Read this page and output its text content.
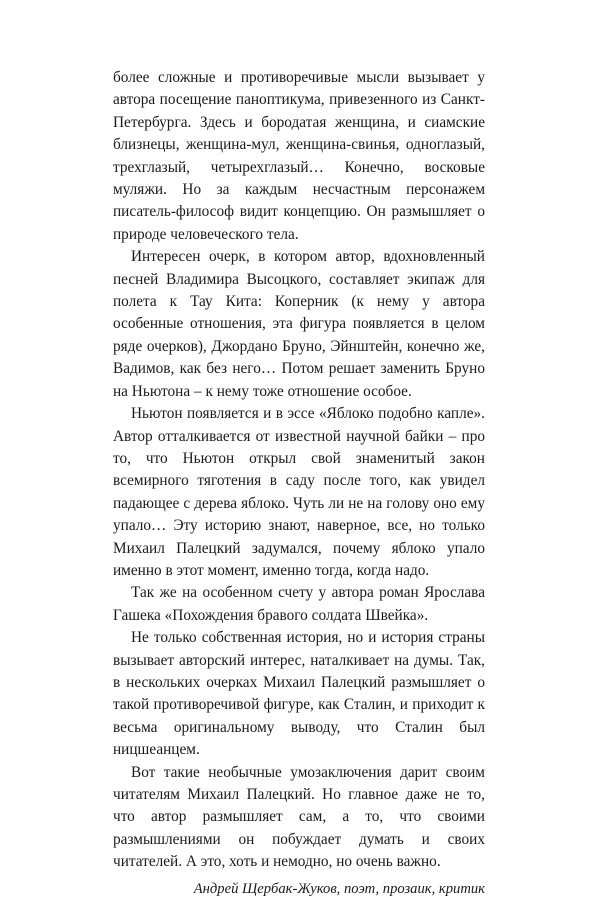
более сложные и противоречивые мысли вызывает у автора посещение паноптикума, привезенного из Санкт-Петербурга. Здесь и бородатая женщина, и сиамские близнецы, женщина-мул, женщина-свинья, одноглазый, трехглазый, четырехглазый… Конечно, восковые муляжи. Но за каждым несчастным персонажем писатель-философ видит концепцию. Он размышляет о природе человеческого тела.

Интересен очерк, в котором автор, вдохновленный песней Владимира Высоцкого, составляет экипаж для полета к Тау Кита: Коперник (к нему у автора особенные отношения, эта фигура появляется в целом ряде очерков), Джордано Бруно, Эйнштейн, конечно же, Вадимов, как без него… Потом решает заменить Бруно на Ньютона – к нему тоже отношение особое.

Ньютон появляется и в эссе «Яблоко подобно капле». Автор отталкивается от известной научной байки – про то, что Ньютон открыл свой знаменитый закон всемирного тяготения в саду после того, как увидел падающее с дерева яблоко. Чуть ли не на голову оно ему упало… Эту историю знают, наверное, все, но только Михаил Палецкий задумался, почему яблоко упало именно в этот момент, именно тогда, когда надо.

Так же на особенном счету у автора роман Ярослава Гашека «Похождения бравого солдата Швейка».

Не только собственная история, но и история страны вызывает авторский интерес, наталкивает на думы. Так, в нескольких очерках Михаил Палецкий размышляет о такой противоречивой фигуре, как Сталин, и приходит к весьма оригинальному выводу, что Сталин был ницшеанцем.

Вот такие необычные умозаключения дарит своим читателям Михаил Палецкий. Но главное даже не то, что автор размышляет сам, а то, что своими размышлениями он побуждает думать и своих читателей. А это, хоть и немодно, но очень важно.

Андрей Щербак-Жуков, поэт, прозаик, критик
